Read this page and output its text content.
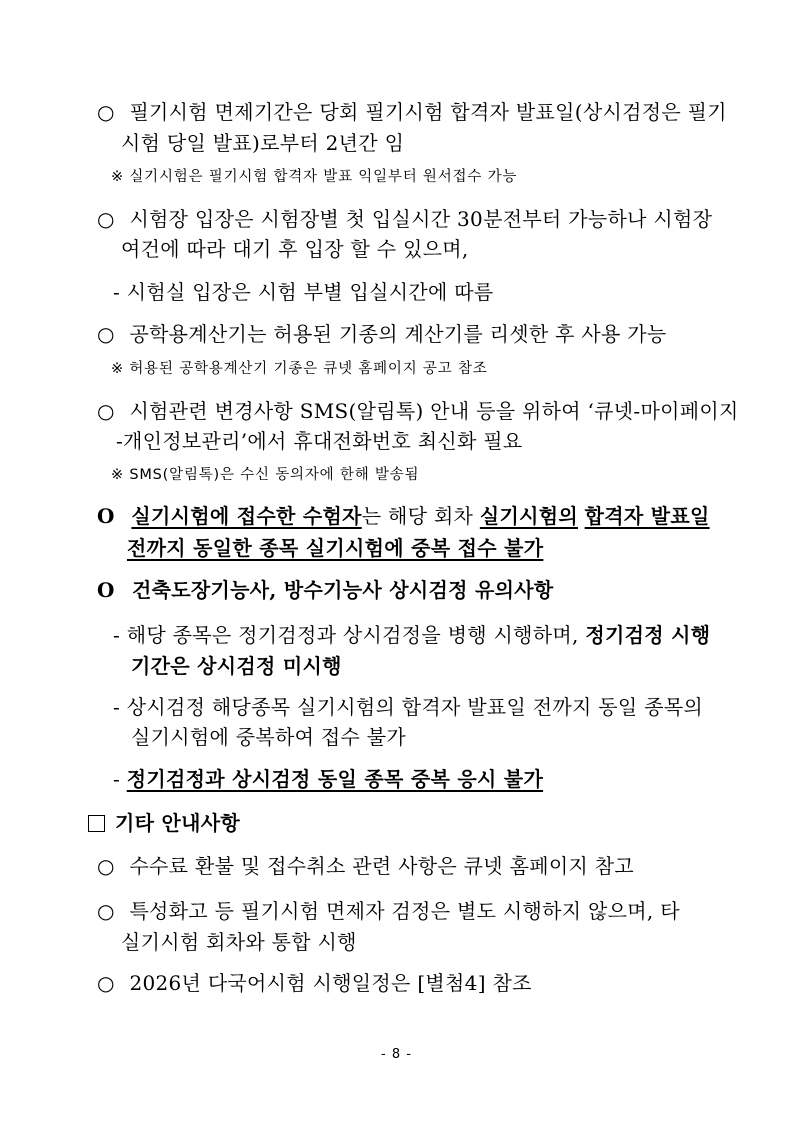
○ 필기시험 면제기간은 당회 필기시험 합격자 발표일(상시검정은 필기
시험 당일 발표)로부터 2년간 임
※ 실기시험은 필기시험 합격자 발표 익일부터 원서접수 가능
○ 시험장 입장은 시험장별 첫 입실시간 30분전부터 가능하나 시험장
여건에 따라 대기 후 입장 할 수 있으며,
- 시험실 입장은 시험 부별 입실시간에 따름
○ 공학용계산기는 허용된 기종의 계산기를 리셋한 후 사용 가능
※ 허용된 공학용계산기 기종은 큐넷 홈페이지 공고 참조
○ 시험관련 변경사항 SMS(알림톡) 안내 등을 위하여 ‘큐넷-마이페이지
-개인정보관리’에서 휴대전화번호 최신화 필요
※ SMS(알림톡)은 수신 동의자에 한해 발송됨
O 실기시험에 접수한 수험자는 해당 회차 실기시험의 합격자 발표일
전까지 동일한 종목 실기시험에 중복 접수 불가
O 건축도장기능사, 방수기능사 상시검정 유의사항
- 해당 종목은 정기검정과 상시검정을 병행 시행하며, 정기검정 시행
기간은 상시검정 미시행
- 상시검정 해당종목 실기시험의 합격자 발표일 전까지 동일 종목의
실기시험에 중복하여 접수 불가
- 정기검정과 상시검정 동일 종목 중복 응시 불가
기타 안내사항
○ 수수료 환불 및 접수취소 관련 사항은 큐넷 홈페이지 참고
○ 특성화고 등 필기시험 면제자 검정은 별도 시행하지 않으며, 타
실기시험 회차와 통합 시행
○ 2026년 다국어시험 시행일정은 [별첨4] 참조
- 8 -
